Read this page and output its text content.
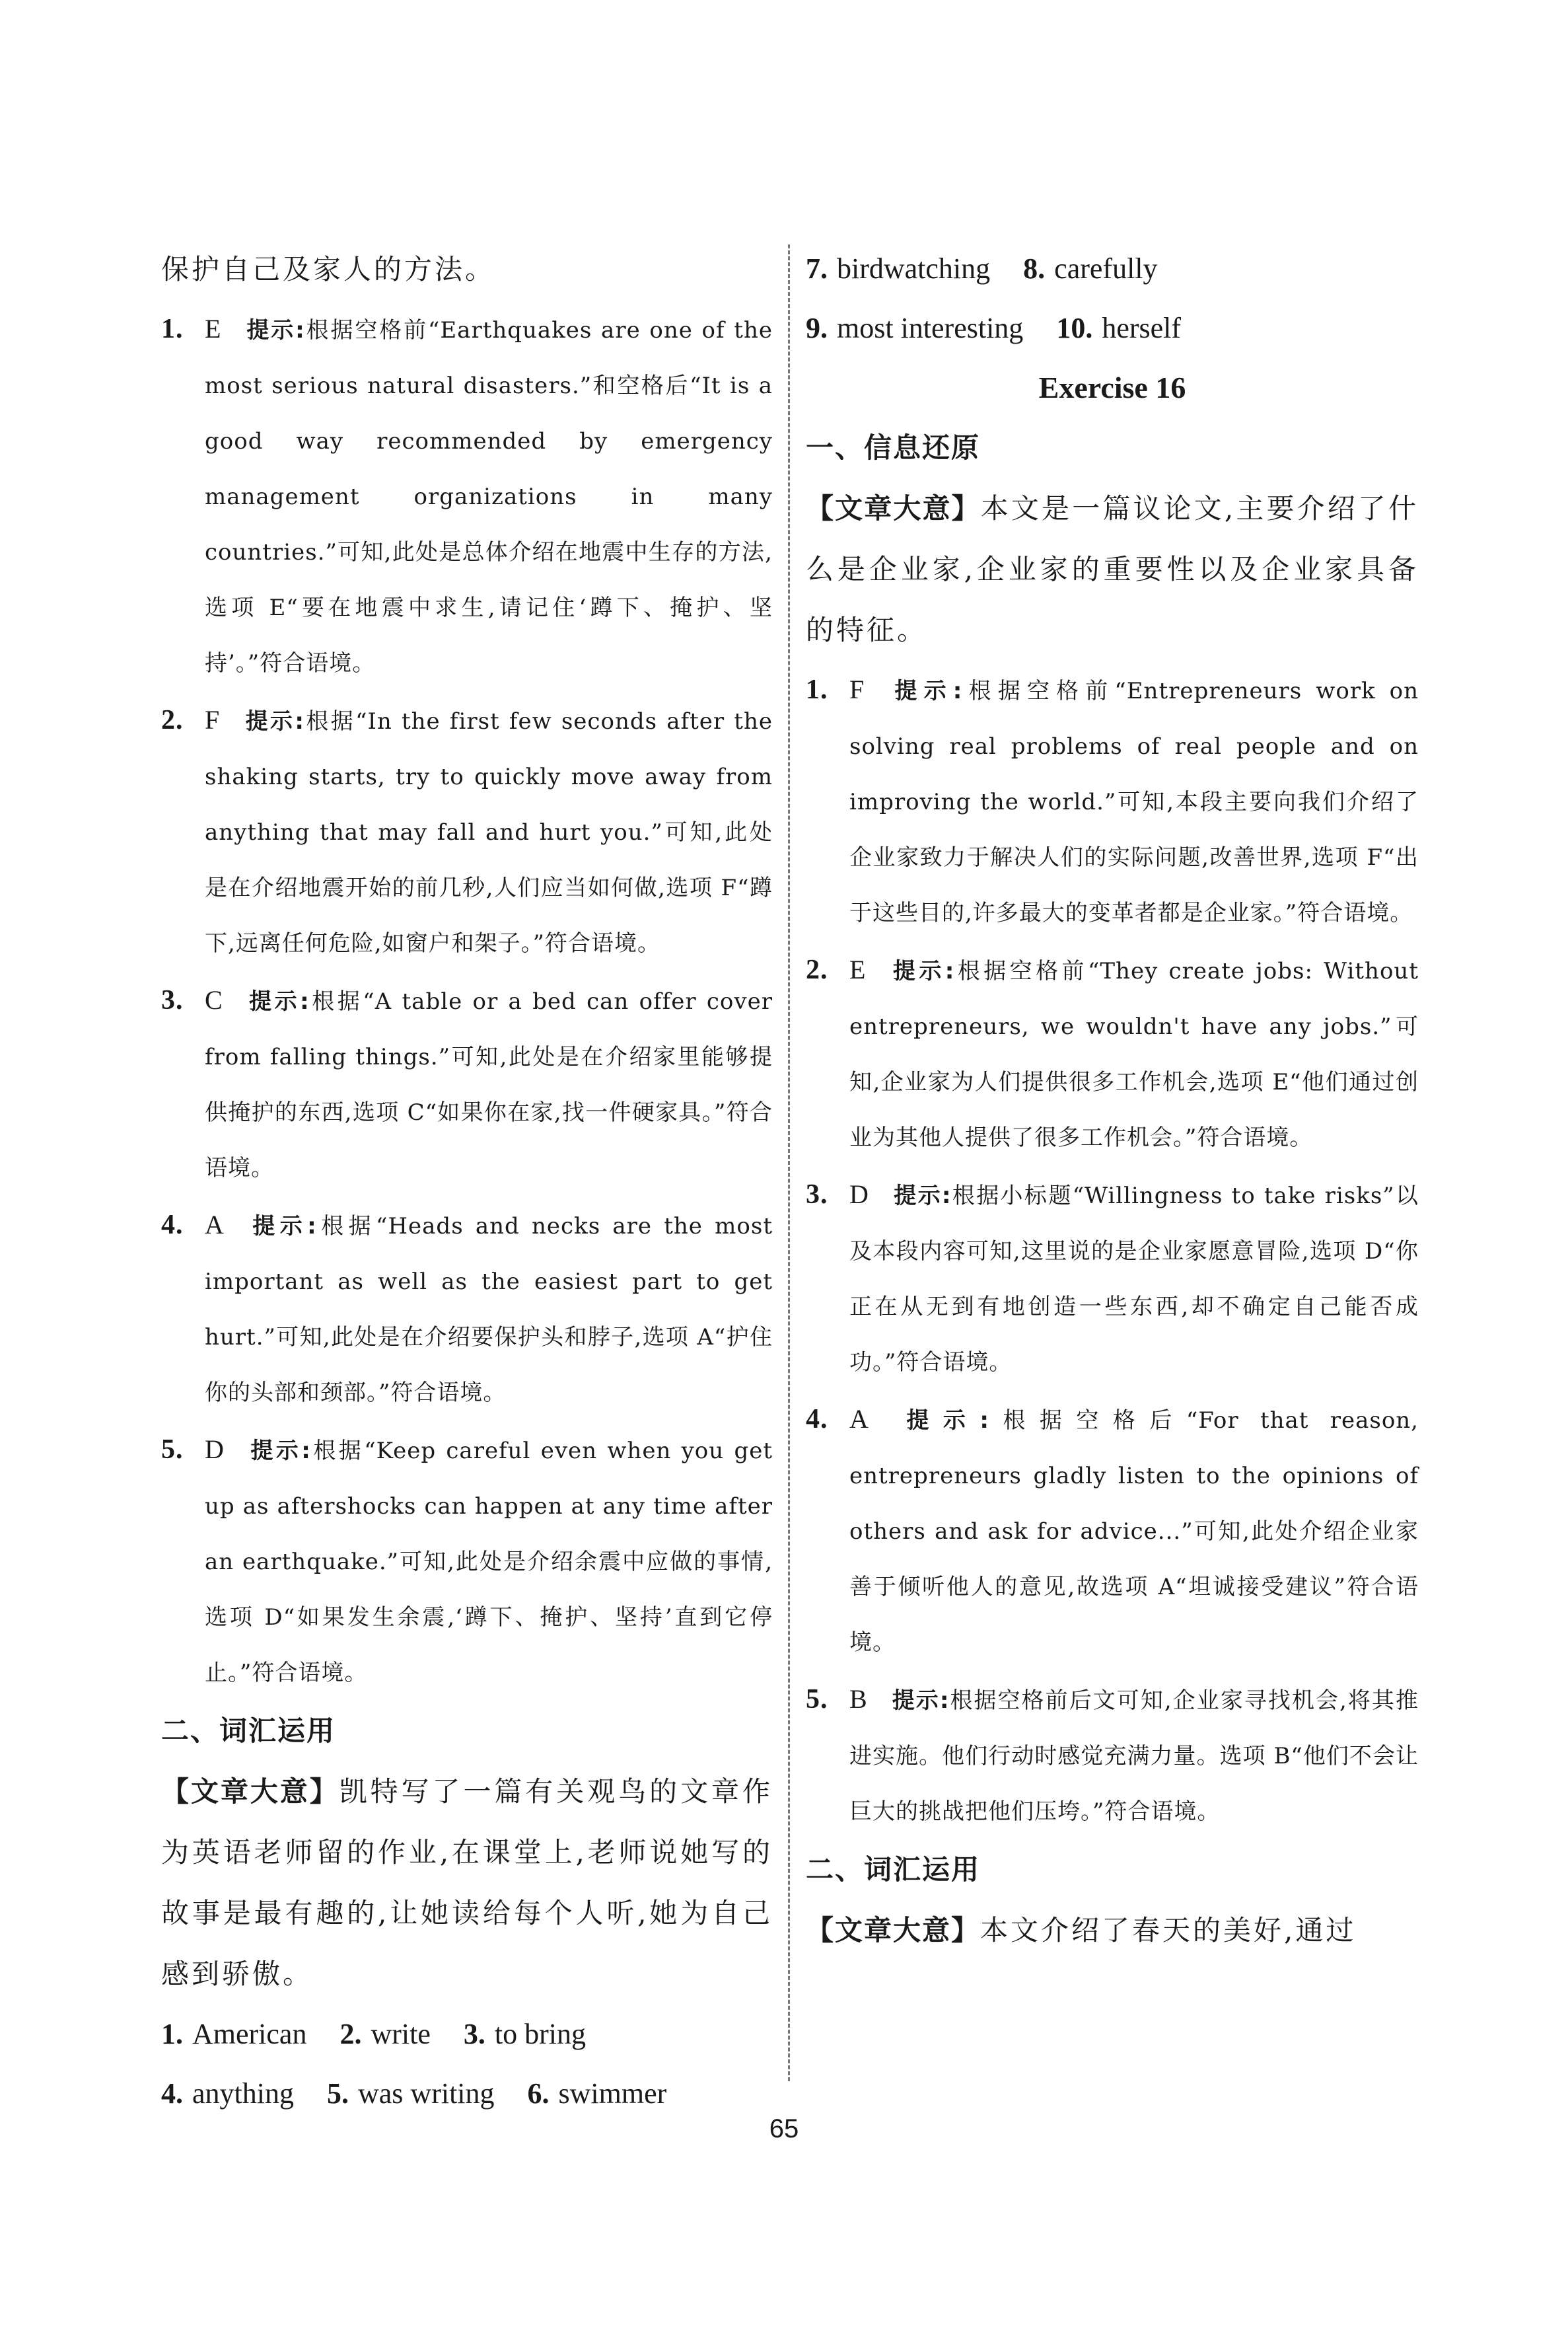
保护自己及家人的方法。
1. E 提示:根据空格前“Earthquakes are one of the most serious natural disasters.”和空格后“It is a good way recommended by emergency management organizations in many countries.”可知,此处是总体介绍在地震中生存的方法,选项 E“要在地震中求生,请记住‘蹲下、掩护、坚持’。”符合语境。
2. F 提示:根据“In the first few seconds after the shaking starts, try to quickly move away from anything that may fall and hurt you.”可知,此处是在介绍地震开始的前几秒,人们应当如何做,选项 F“蹲下,远离任何危险,如窗户和架子。”符合语境。
3. C 提示:根据“A table or a bed can offer cover from falling things.”可知,此处是在介绍家里能够提供掩护的东西,选项 C“如果你在家,找一件硬家具。”符合语境。
4. A 提示:根据“Heads and necks are the most important as well as the easiest part to get hurt.”可知,此处是在介绍要保护头和脖子,选项 A“护住你的头部和颈部。”符合语境。
5. D 提示:根据“Keep careful even when you get up as aftershocks can happen at any time after an earthquake.”可知,此处是介绍余震中应做的事情,选项 D“如果发生余震,‘蹲下、掩护、坚持’直到它停止。”符合语境。
二、词汇运用
【文章大意】凯特写了一篇有关观鸟的文章作为英语老师留的作业,在课堂上,老师说她写的故事是最有趣的,让她读给每个人听,她为自己感到骄傲。
1. American 2. write 3. to bring
4. anything 5. was writing 6. swimmer
7. birdwatching 8. carefully
9. most interesting 10. herself
Exercise 16
一、信息还原
【文章大意】本文是一篇议论文,主要介绍了什么是企业家,企业家的重要性以及企业家具备的特征。
1. F 提示:根据空格前“Entrepreneurs work on solving real problems of real people and on improving the world.”可知,本段主要向我们介绍了企业家致力于解决人们的实际问题,改善世界,选项 F“出于这些目的,许多最大的变革者都是企业家。”符合语境。
2. E 提示:根据空格前“They create jobs: Without entrepreneurs, we wouldn't have any jobs.”可知,企业家为人们提供很多工作机会,选项 E“他们通过创业为其他人提供了很多工作机会。”符合语境。
3. D 提示:根据小标题“Willingness to take risks”以及本段内容可知,这里说的是企业家愿意冒险,选项 D“你正在从无到有地创造一些东西,却不确定自己能否成功。”符合语境。
4. A 提示:根据空格后“For that reason, entrepreneurs gladly listen to the opinions of others and ask for advice...”可知,此处介绍企业家善于倾听他人的意见,故选项 A“坦诚接受建议”符合语境。
5. B 提示:根据空格前后文可知,企业家寻找机会,将其推进实施。他们行动时感觉充满力量。选项 B“他们不会让巨大的挑战把他们压垮。”符合语境。
二、词汇运用
【文章大意】本文介绍了春天的美好,通过
65
